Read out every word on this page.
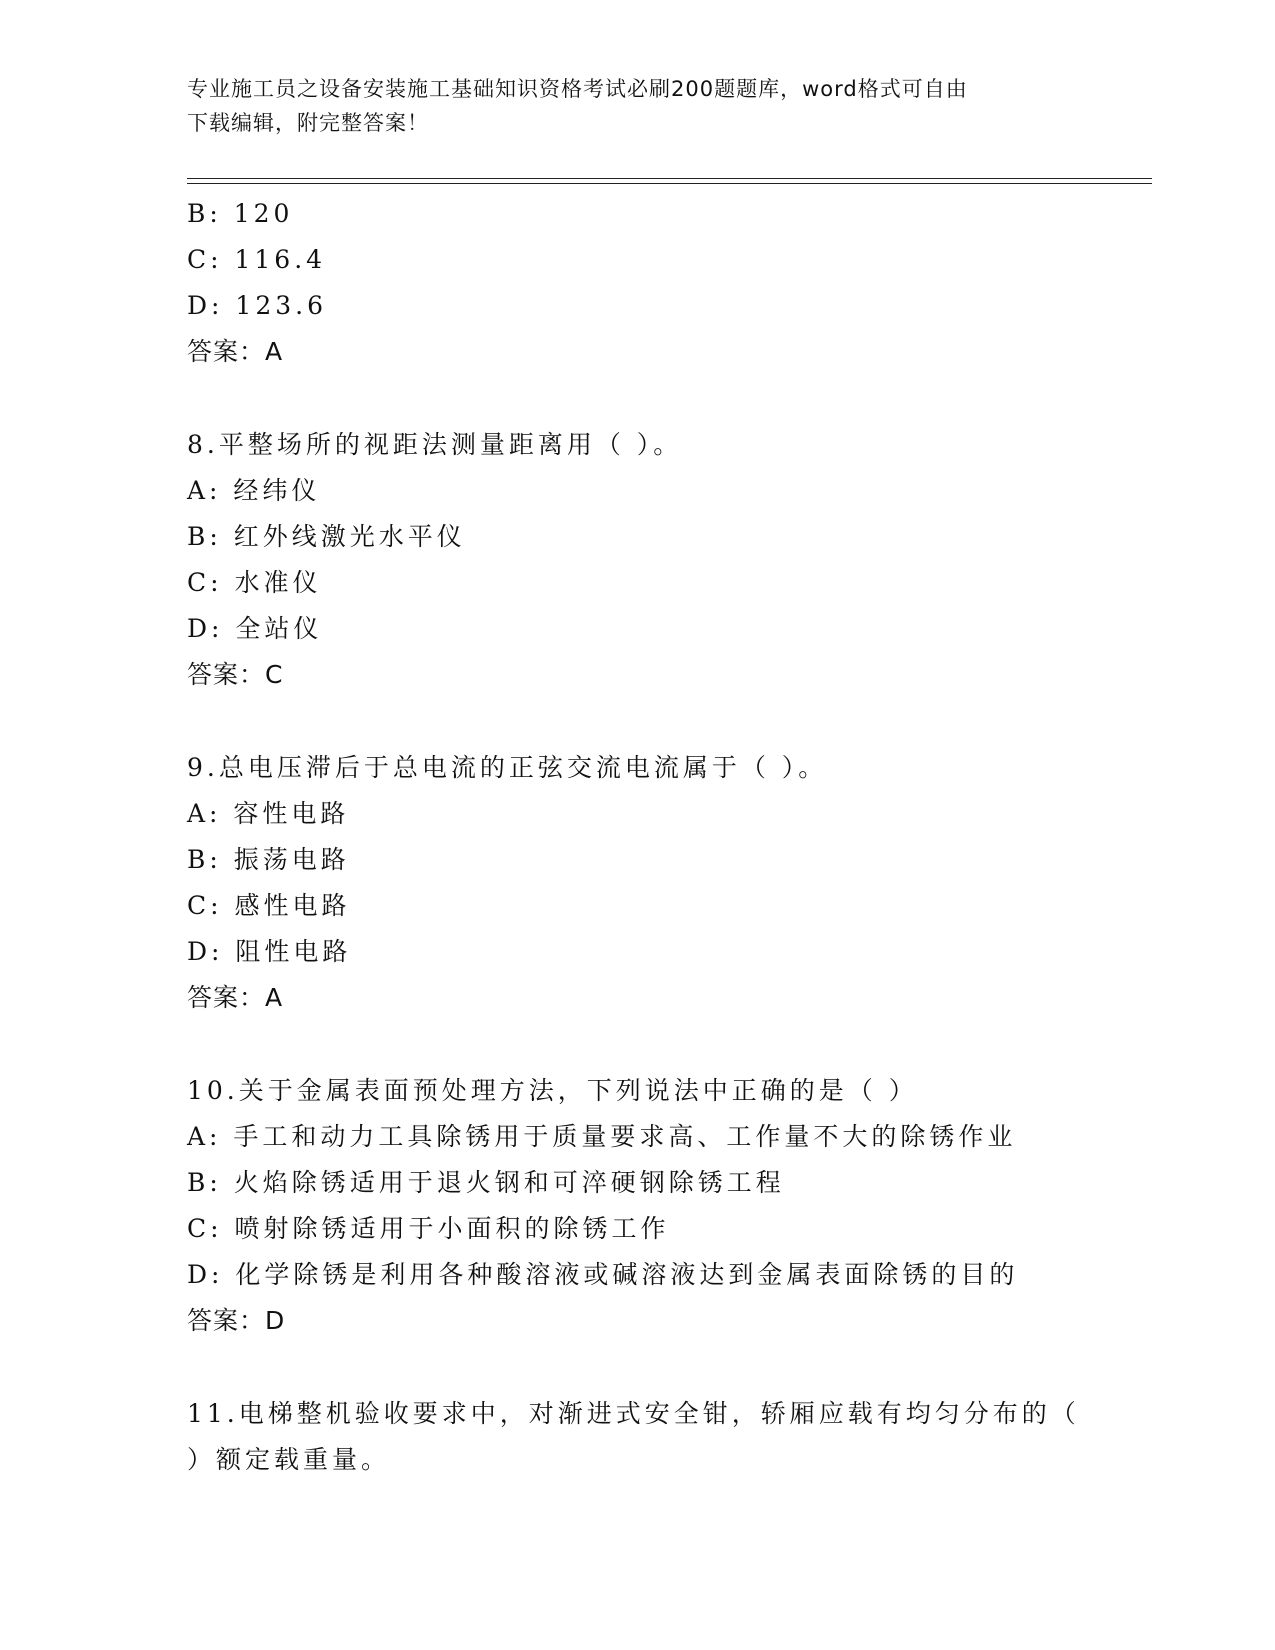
专业施工员之设备安装施工基础知识资格考试必刷200题题库，word格式可自由
下载编辑，附完整答案！
B: 120
C: 116.4
D: 123.6
答案：A
8.平整场所的视距法测量距离用（ ）。
A: 经纬仪
B: 红外线激光水平仪
C: 水准仪
D: 全站仪
答案：C
9.总电压滞后于总电流的正弦交流电流属于（ ）。
A: 容性电路
B: 振荡电路
C: 感性电路
D: 阻性电路
答案：A
10.关于金属表面预处理方法，下列说法中正确的是（ ）
A: 手工和动力工具除锈用于质量要求高、工作量不大的除锈作业
B: 火焰除锈适用于退火钢和可淬硬钢除锈工程
C: 喷射除锈适用于小面积的除锈工作
D: 化学除锈是利用各种酸溶液或碱溶液达到金属表面除锈的目的
答案：D
11.电梯整机验收要求中，对渐进式安全钳，轿厢应载有均匀分布的（
）额定载重量。
